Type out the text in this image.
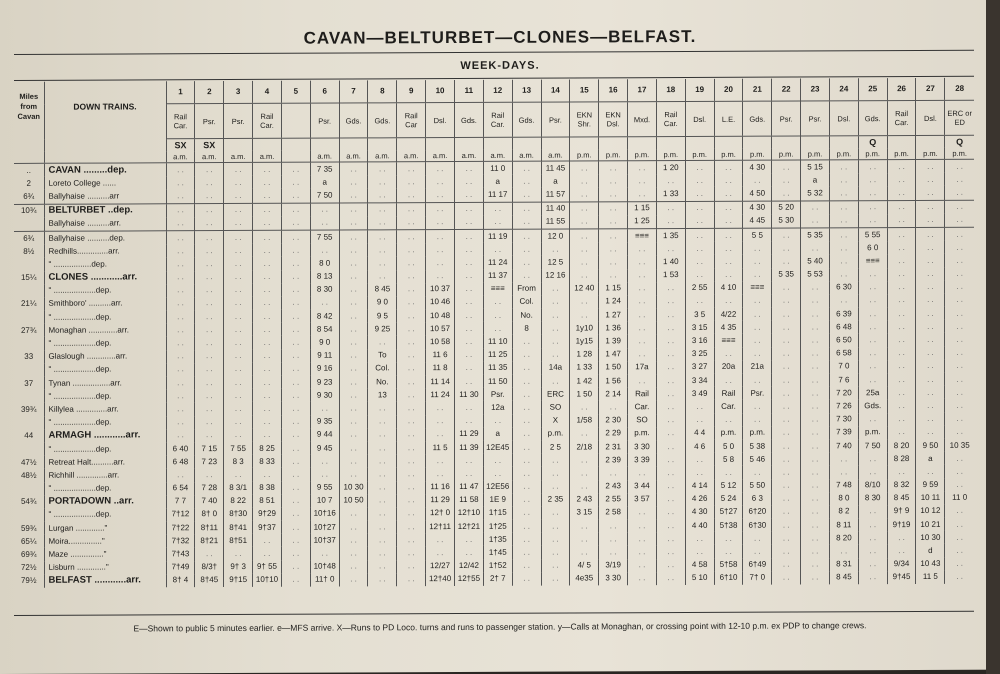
CAVAN—BELTURBET—CLONES—BELFAST.
WEEK-DAYS.
Miles from Cavan	DOWN TRAINS.	1	2	3	4	5	6	7	8	9	10	11	12	13	14	15	16	17	18	19	20	21	22	23	24	25	26	27	28
		Rail Car.	Psr.	Psr.	Rail Car.		Psr.	Gds.	Gds.	Rail Car	Dsl.	Gds.	Rail Car.	Gds.	Psr.	EKN Shr.	EKN Dsl.	Mxd.	Rail Car.	Dsl.	L.E.	Gds.	Psr.	Psr.	Dsl.	Gds.	Rail Car.	Dsl.	ERC or ED
		SX	SX																							Q			Q
		a.m.	a.m.	a.m.	a.m.		a.m.	a.m.	a.m.	a.m.	a.m.	a.m.	a.m.	a.m.	a.m.	p.m.	p.m.	p.m.	p.m.	p.m.	p.m.	p.m.	p.m.	p.m.	p.m.	p.m.	p.m.	p.m.	p.m.
..	CAVAN .........dep.	. .	. .	. .	. .	. .	7 35	. .	. .	. .	. .	. .	11 0	. .	11 45	. .	. .	. .	1 20	. .	. .	4 30	. .	5 15	. .	. .	. .	. .	. .
2	Loreto College ......	. .	. .	. .	. .	. .	a	. .	. .	. .	. .	. .	a	. .	a	. .	. .	. .	. .	. .	. .	. .	. .	a	. .	. .	. .	. .	. .
6¾	Ballyhaise ..........arr	. .	. .	. .	. .	. .	7 50	. .	. .	. .	. .	. .	11 17	. .	11 57	. .	. .	. .	1 33	. .	. .	4 50	. .	5 32	. .	. .	. .	. .	. .
10¾	BELTURBET ..dep.	. .	. .	. .	. .	. .	. .	. .	. .	. .	. .	. .	. .	. .	11 40	. .	. .	1 15	. .	. .	. .	4 30	5 20	. .	. .	. .	. .	. .	. .
	Ballyhaise ..........arr.	. .	. .	. .	. .	. .	. .	. .	. .	. .	. .	. .	. .	. .	11 55	. .	. .	1 25	. .	. .	. .	4 45	5 30	. .	. .	. .	. .	. .	. .
6¾	Ballyhaise ..........dep.	. .	. .	. .	. .	. .	7 55	. .	. .	. .	. .	. .	11 19	. .	12 0	. .	. .	≡≡≡	1 35	. .	. .	5 5	. .	5 35	. .	5 55	. .	. .	. .
8½	Redhills..............arr.	. .	. .	. .	. .	. .	. .	. .	. .	. .	. .	. .	. .	. .	. .	. .	. .	. .	. .	. .	. .	. .	. .	. .	. .	6 0	. .	. .	. .
	" .................dep.	. .	. .	. .	. .	. .	8 0	. .	. .	. .	. .	. .	11 24	. .	12 5	. .	. .	. .	1 40	. .	. .	. .	. .	5 40	. .	≡≡≡	. .	. .	. .
15¼	CLONES ............arr.	. .	. .	. .	. .	. .	8 13	. .	. .	. .	. .	. .	11 37	. .	12 16	. .	. .	. .	1 53	. .	. .	. .	5 35	5 53	. .	. .	. .	. .	. .
	" ...................dep.	. .	. .	. .	. .	. .	8 30	. .	8 45	. .	10 37	. .	≡≡≡	From	. .	12 40	1 15	. .	. .	2 55	4 10	≡≡≡	. .	. .	6 30	. .	. .	. .	. .
21¼	Smithboro' ..........arr.	. .	. .	. .	. .	. .	. .	. .	9 0	. .	10 46	. .	. .	Col.	. .	. .	1 24	. .	. .	. .	. .	. .	. .	. .	. .	. .	. .	. .	. .
	" ...................dep.	. .	. .	. .	. .	. .	8 42	. .	9 5	. .	10 48	. .	. .	No.	. .	. .	1 27	. .	. .	3 5	4/22	. .	. .	. .	6 39	. .	. .	. .	. .
27¾	Monaghan .............arr.	. .	. .	. .	. .	. .	8 54	. .	9 25	. .	10 57	. .	. .	8	. .	1y10	1 36	. .	. .	3 15	4 35	. .	. .	. .	6 48	. .	. .	. .	. .
	" ...................dep.	. .	. .	. .	. .	. .	9 0	. .	. .	. .	10 58	. .	11 10	. .	. .	1y15	1 39	. .	. .	3 16	≡≡≡	. .	. .	. .	6 50	. .	. .	. .	. .
33	Glaslough .............arr.	. .	. .	. .	. .	. .	9 11	. .	To	. .	11 6	. .	11 25	. .	. .	1 28	1 47	. .	. .	3 25	. .	. .	. .	. .	6 58	. .	. .	. .	. .
	" ...................dep.	. .	. .	. .	. .	. .	9 16	. .	Col.	. .	11 8	. .	11 35	. .	14a	1 33	1 50	17a	. .	3 27	20a	21a	. .	. .	7 0	. .	. .	. .	. .
37	Tynan .................arr.	. .	. .	. .	. .	. .	9 23	. .	No.	. .	11 14	. .	11 50	. .	. .	1 42	1 56	. .	. .	3 34	. .	. .	. .	. .	7 6	. .	. .	. .	. .
	" ...................dep.	. .	. .	. .	. .	. .	9 30	. .	13	. .	11 24	11 30	Psr.	. .	ERC	1 50	2 14	Rail	. .	3 49	Rail	Psr.	. .	. .	7 20	25a	. .	. .	. .
39¾	Killylea ..............arr.	. .	. .	. .	. .	. .	. .	. .	. .	. .	. .	. .	12a	. .	SO	. .	. .	Car.	. .	. .	Car.	. .	. .	. .	7 26	Gds.	. .	. .	. .
	" ...................dep.	. .	. .	. .	. .	. .	9 35	. .	. .	. .	. .	. .	. .	. .	X	1/58	2 30	SO	. .	. .	. .	. .	. .	. .	7 30	. .	. .	. .	. .
44	ARMAGH ............arr.	. .	. .	. .	. .	. .	9 44	. .	. .	. .	. .	11 29	a	. .	p.m.	. .	2 29	p.m.	. .	4 4	p.m.	p.m.	. .	. .	7 39	p.m.	. .	. .	. .
	" ...................dep.	6 40	7 15	7 55	8 25	. .	9 45	. .	. .	. .	11 5	11 39	12E45	. .	2 5	2/18	2 31	3 30	. .	4 6	5 0	5 38	. .	. .	7 40	7 50	8 20	9 50	10 35
47½	Retreat Halt..........arr.	6 48	7 23	8 3	8 33	. .	. .	. .	. .	. .	. .	. .	. .	. .	. .	. .	2 39	3 39	. .	. .	5 8	5 46	. .	. .	. .	. .	8 28	a	. .
48½	Richhill ..............arr.	. .	. .	. .	. .	. .	. .	. .	. .	. .	. .	. .	. .	. .	. .	. .	. .	. .	. .	. .	. .	. .	. .	. .	. .	. .	. .	. .	. .
	" ...................dep.	6 54	7 28	8 3/1	8 38	. .	9 55	10 30	. .	. .	11 16	11 47	12E56	. .	. .	. .	2 43	3 44	. .	4 14	5 12	5 50	. .	. .	7 48	8/10	8 32	9 59	. .
54¾	PORTADOWN ..arr.	7 7	7 40	8 22	8 51	. .	10 7	10 50	. .	. .	11 29	11 58	1E 9	. .	2 35	2 43	2 55	3 57	. .	4 26	5 24	6 3	. .	. .	8 0	8 30	8 45	10 11	11 0
	" ...................dep.	7†12	8† 0	8†30	9†29	. .	10†16	. .	. .	. .	12† 0	12†10	1†15	. .	. .	3 15	2 58	. .	. .	4 30	5†27	6†20	. .	. .	8 2	. .	9† 9	10 12	. .
59¾	Lurgan ............."	7†22	8†11	8†41	9†37	. .	10†27	. .	. .	. .	12†11	12†21	1†25	. .	. .	. .	. .	. .	. .	4 40	5†38	6†30	. .	. .	8 11	. .	9†19	10 21	. .
65¼	Moira..............."	7†32	8†21	8†51	. .	. .	10†37	. .	. .	. .	. .	. .	1†35	. .	. .	. .	. .	. .	. .	. .	. .	. .	. .	. .	8 20	. .	. .	10 30	. .
69¾	Maze ..............."	7†43	. .	. .	. .	. .	. .	. .	. .	. .	. .	. .	1†45	. .	. .	. .	. .	. .	. .	. .	. .	. .	. .	. .	. .	. .	. .	d	. .
72½	Lisburn ............."	7†49	8/3†	9† 3	9† 55	. .	10†48	. .	. .	. .	12/27	12/42	1†52	. .	. .	4/ 5	3/19	. .	. .	4 58	5†58	6†49	. .	. .	8 31	. .	9/34	10 43	. .
79½	BELFAST ............arr.	8† 4	8†45	9†15	10†10	. .	11† 0	. .	. .	. .	12†40	12†55	2† 7	. .	. .	4e35	3 30	. .	. .	5 10	6†10	7† 0	. .	. .	8 45	. .	9†45	11 5	. .
E—Shown to public 5 minutes earlier. e—MFS arrive. X—Runs to PD Loco. turns and runs to passenger station. y—Calls at Monaghan, or crossing point with 12-10 p.m. ex PDP to change crews.
